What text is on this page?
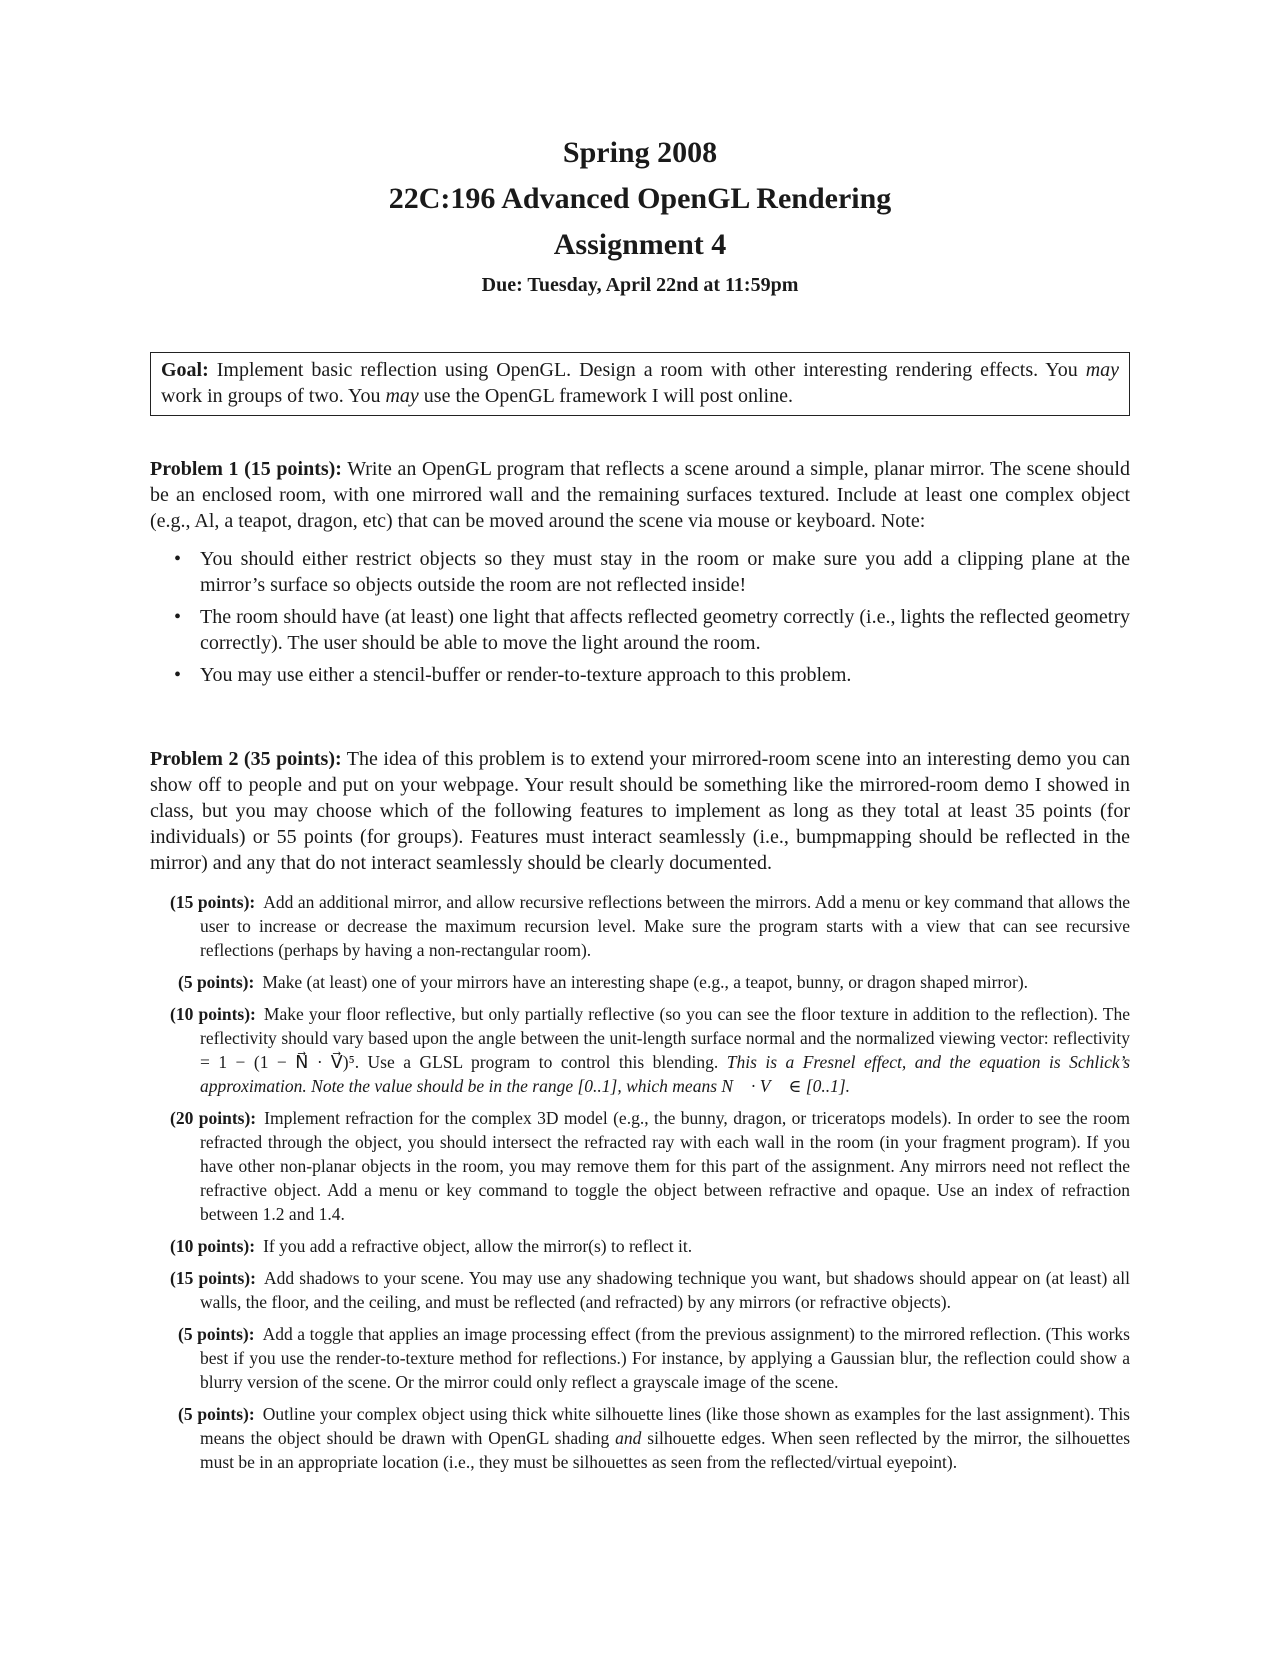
Spring 2008
22C:196 Advanced OpenGL Rendering
Assignment 4
Due: Tuesday, April 22nd at 11:59pm
Goal: Implement basic reflection using OpenGL. Design a room with other interesting rendering effects. You may work in groups of two. You may use the OpenGL framework I will post online.
Problem 1 (15 points): Write an OpenGL program that reflects a scene around a simple, planar mirror. The scene should be an enclosed room, with one mirrored wall and the remaining surfaces textured. Include at least one complex object (e.g., Al, a teapot, dragon, etc) that can be moved around the scene via mouse or keyboard. Note:
• You should either restrict objects so they must stay in the room or make sure you add a clipping plane at the mirror’s surface so objects outside the room are not reflected inside!
• The room should have (at least) one light that affects reflected geometry correctly (i.e., lights the reflected geometry correctly). The user should be able to move the light around the room.
• You may use either a stencil-buffer or render-to-texture approach to this problem.
Problem 2 (35 points): The idea of this problem is to extend your mirrored-room scene into an interesting demo you can show off to people and put on your webpage. Your result should be something like the mirrored-room demo I showed in class, but you may choose which of the following features to implement as long as they total at least 35 points (for individuals) or 55 points (for groups). Features must interact seamlessly (i.e., bumpmapping should be reflected in the mirror) and any that do not interact seamlessly should be clearly documented.
(15 points): Add an additional mirror, and allow recursive reflections between the mirrors. Add a menu or key command that allows the user to increase or decrease the maximum recursion level. Make sure the program starts with a view that can see recursive reflections (perhaps by having a non-rectangular room).
(5 points): Make (at least) one of your mirrors have an interesting shape (e.g., a teapot, bunny, or dragon shaped mirror).
(10 points): Make your floor reflective, but only partially reflective (so you can see the floor texture in addition to the reflection). The reflectivity should vary based upon the angle between the unit-length surface normal and the normalized viewing vector: reflectivity = 1 − (1 − N⃗ · V⃗)⁵. Use a GLSL program to control this blending. This is a Fresnel effect, and the equation is Schlick’s approximation. Note the value should be in the range [0..1], which means N⃗ · V⃗ ∈ [0..1].
(20 points): Implement refraction for the complex 3D model (e.g., the bunny, dragon, or triceratops models). In order to see the room refracted through the object, you should intersect the refracted ray with each wall in the room (in your fragment program). If you have other non-planar objects in the room, you may remove them for this part of the assignment. Any mirrors need not reflect the refractive object. Add a menu or key command to toggle the object between refractive and opaque. Use an index of refraction between 1.2 and 1.4.
(10 points): If you add a refractive object, allow the mirror(s) to reflect it.
(15 points): Add shadows to your scene. You may use any shadowing technique you want, but shadows should appear on (at least) all walls, the floor, and the ceiling, and must be reflected (and refracted) by any mirrors (or refractive objects).
(5 points): Add a toggle that applies an image processing effect (from the previous assignment) to the mirrored reflection. (This works best if you use the render-to-texture method for reflections.) For instance, by applying a Gaussian blur, the reflection could show a blurry version of the scene. Or the mirror could only reflect a grayscale image of the scene.
(5 points): Outline your complex object using thick white silhouette lines (like those shown as examples for the last assignment). This means the object should be drawn with OpenGL shading and silhouette edges. When seen reflected by the mirror, the silhouettes must be in an appropriate location (i.e., they must be silhouettes as seen from the reflected/virtual eyepoint).
